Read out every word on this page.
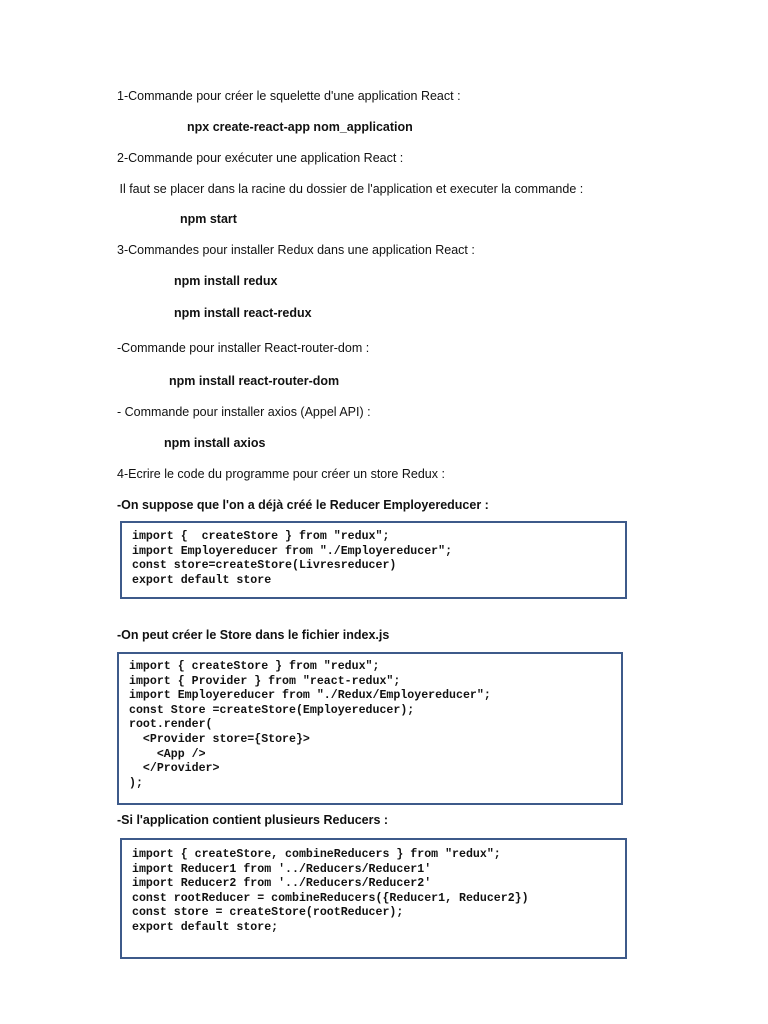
1-Commande pour créer le squelette d'une application React :
npx create-react-app nom_application
2-Commande pour exécuter une application React :
Il faut se placer dans la racine du dossier de l'application et executer la commande :
npm start
3-Commandes pour installer Redux dans une application React :
npm install redux
npm install react-redux
-Commande pour installer React-router-dom :
npm install react-router-dom
- Commande pour installer axios (Appel API) :
npm install axios
4-Ecrire le code du programme pour créer un store Redux :
-On suppose que l'on a déjà créé le Reducer Employereducer :
import {  createStore } from "redux";
import Employereducer from "./Employereducer";
const store=createStore(Livresreducer)
export default store
-On peut créer le Store dans le fichier index.js
import { createStore } from "redux";
import { Provider } from "react-redux";
import Employereducer from "./Redux/Employereducer";
const Store =createStore(Employereducer);
root.render(
<Provider store={Store}>
<App />
</Provider>
);
-Si l'application contient plusieurs Reducers :
import { createStore, combineReducers } from "redux";
import Reducer1 from '../Reducers/Reducer1'
import Reducer2 from '../Reducers/Reducer2'
const rootReducer = combineReducers({Reducer1, Reducer2})
const store = createStore(rootReducer);
export default store;
